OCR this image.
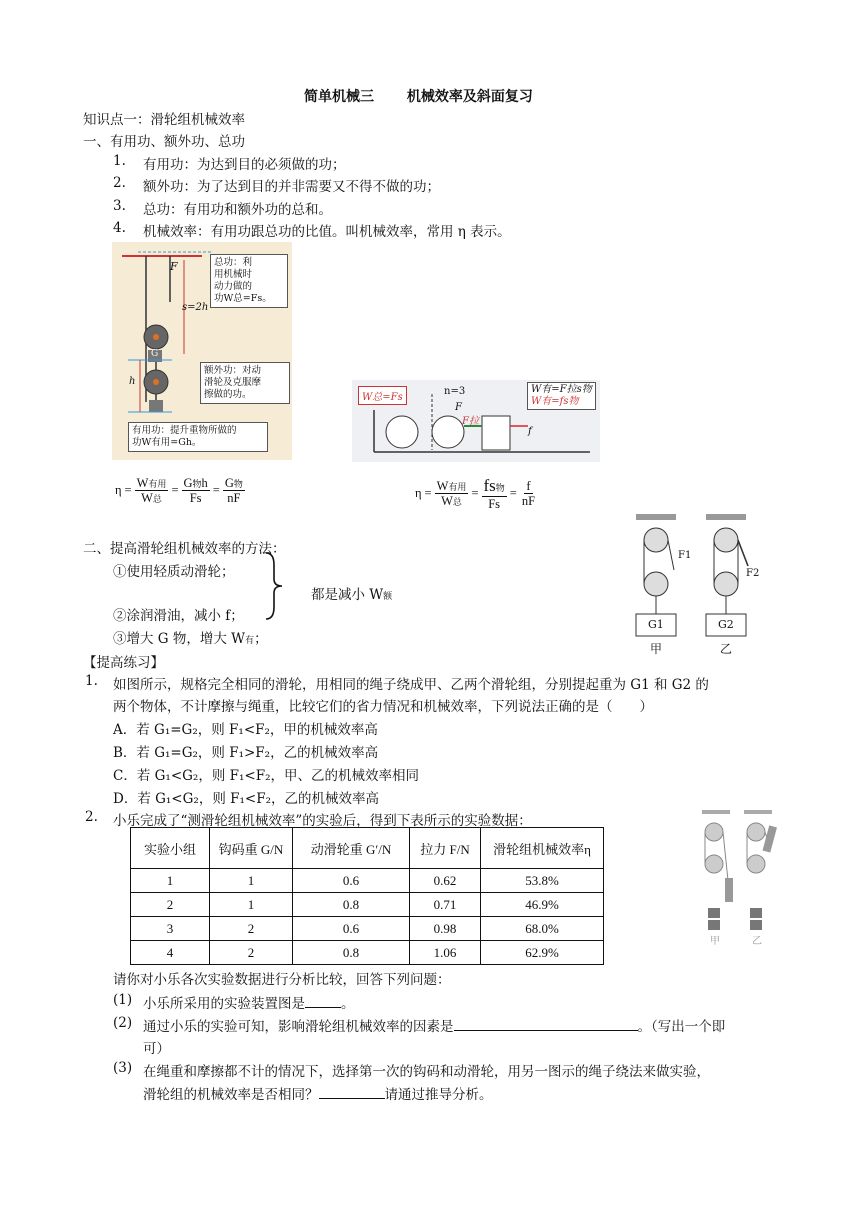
简单机械三　　 机械效率及斜面复习
知识点一：滑轮组机械效率
一、有用功、额外功、总功
1. 有用功：为达到目的必须做的功；
2. 额外功：为了达到目的并非需要又不得不做的功；
3. 总功：有用功和额外功的总和。
4. 机械效率：有用功跟总功的比值。叫机械效率，常用 η 表示。
F
s=2h
h
G
总功：利
用机械时
动力做的
功W总=Fs。
额外功：对动
滑轮及克服摩
擦做的功。
有用功：提升重物所做的
功W有用=Gh。
W总=Fs
n=3
F
F拉
f
W有=F拉s物
W有=fs物
$\eta = \frac{\text{W有用}}{\text{W总}} = \frac{\text{G物h}}{Fs} = \frac{\text{G物}}{nF}$	$\eta = \frac{\text{W有用}}{\text{W总}} = \frac{\text{fs物}}{Fs} = \frac{f}{nF}$
二、提高滑轮组机械效率的方法：
①使用轻质动滑轮；
②涂润滑油，减小 f；
③增大 G 物，增大 W有；
都是减小 W额
F1
F2
G1	G2
甲	乙
【提高练习】
1. 如图所示，规格完全相同的滑轮，用相同的绳子绕成甲、乙两个滑轮组，分别提起重为 G1 和 G2 的
两个物体，不计摩擦与绳重，比较它们的省力情况和机械效率，下列说法正确的是（　　）
A．若 G₁=G₂，则 F₁<F₂，甲的机械效率高
B．若 G₁=G₂，则 F₁>F₂，乙的机械效率高
C．若 G₁<G₂，则 F₁<F₂，甲、乙的机械效率相同
D．若 G₁<G₂，则 F₁<F₂，乙的机械效率高
2. 小乐完成了“测滑轮组机械效率”的实验后，得到下表所示的实验数据：
实验小组	钩码重 G/N	动滑轮重 G′/N	拉力 F/N	滑轮组机械效率η
1	1	0.6	0.62	53.8%
2	1	0.8	0.71	46.9%
3	2	0.6	0.98	68.0%
4	2	0.8	1.06	62.9%
甲	乙
请你对小乐各次实验数据进行分析比较，回答下列问题：
(1) 小乐所采用的实验装置图是	。
(2) 通过小乐的实验可知，影响滑轮组机械效率的因素是	。（写出一个即
可）
(3) 在绳重和摩擦都不计的情况下，选择第一次的钩码和动滑轮，用另一图示的绳子绕法来做实验，
滑轮组的机械效率是否相同？	请通过推导分析。
